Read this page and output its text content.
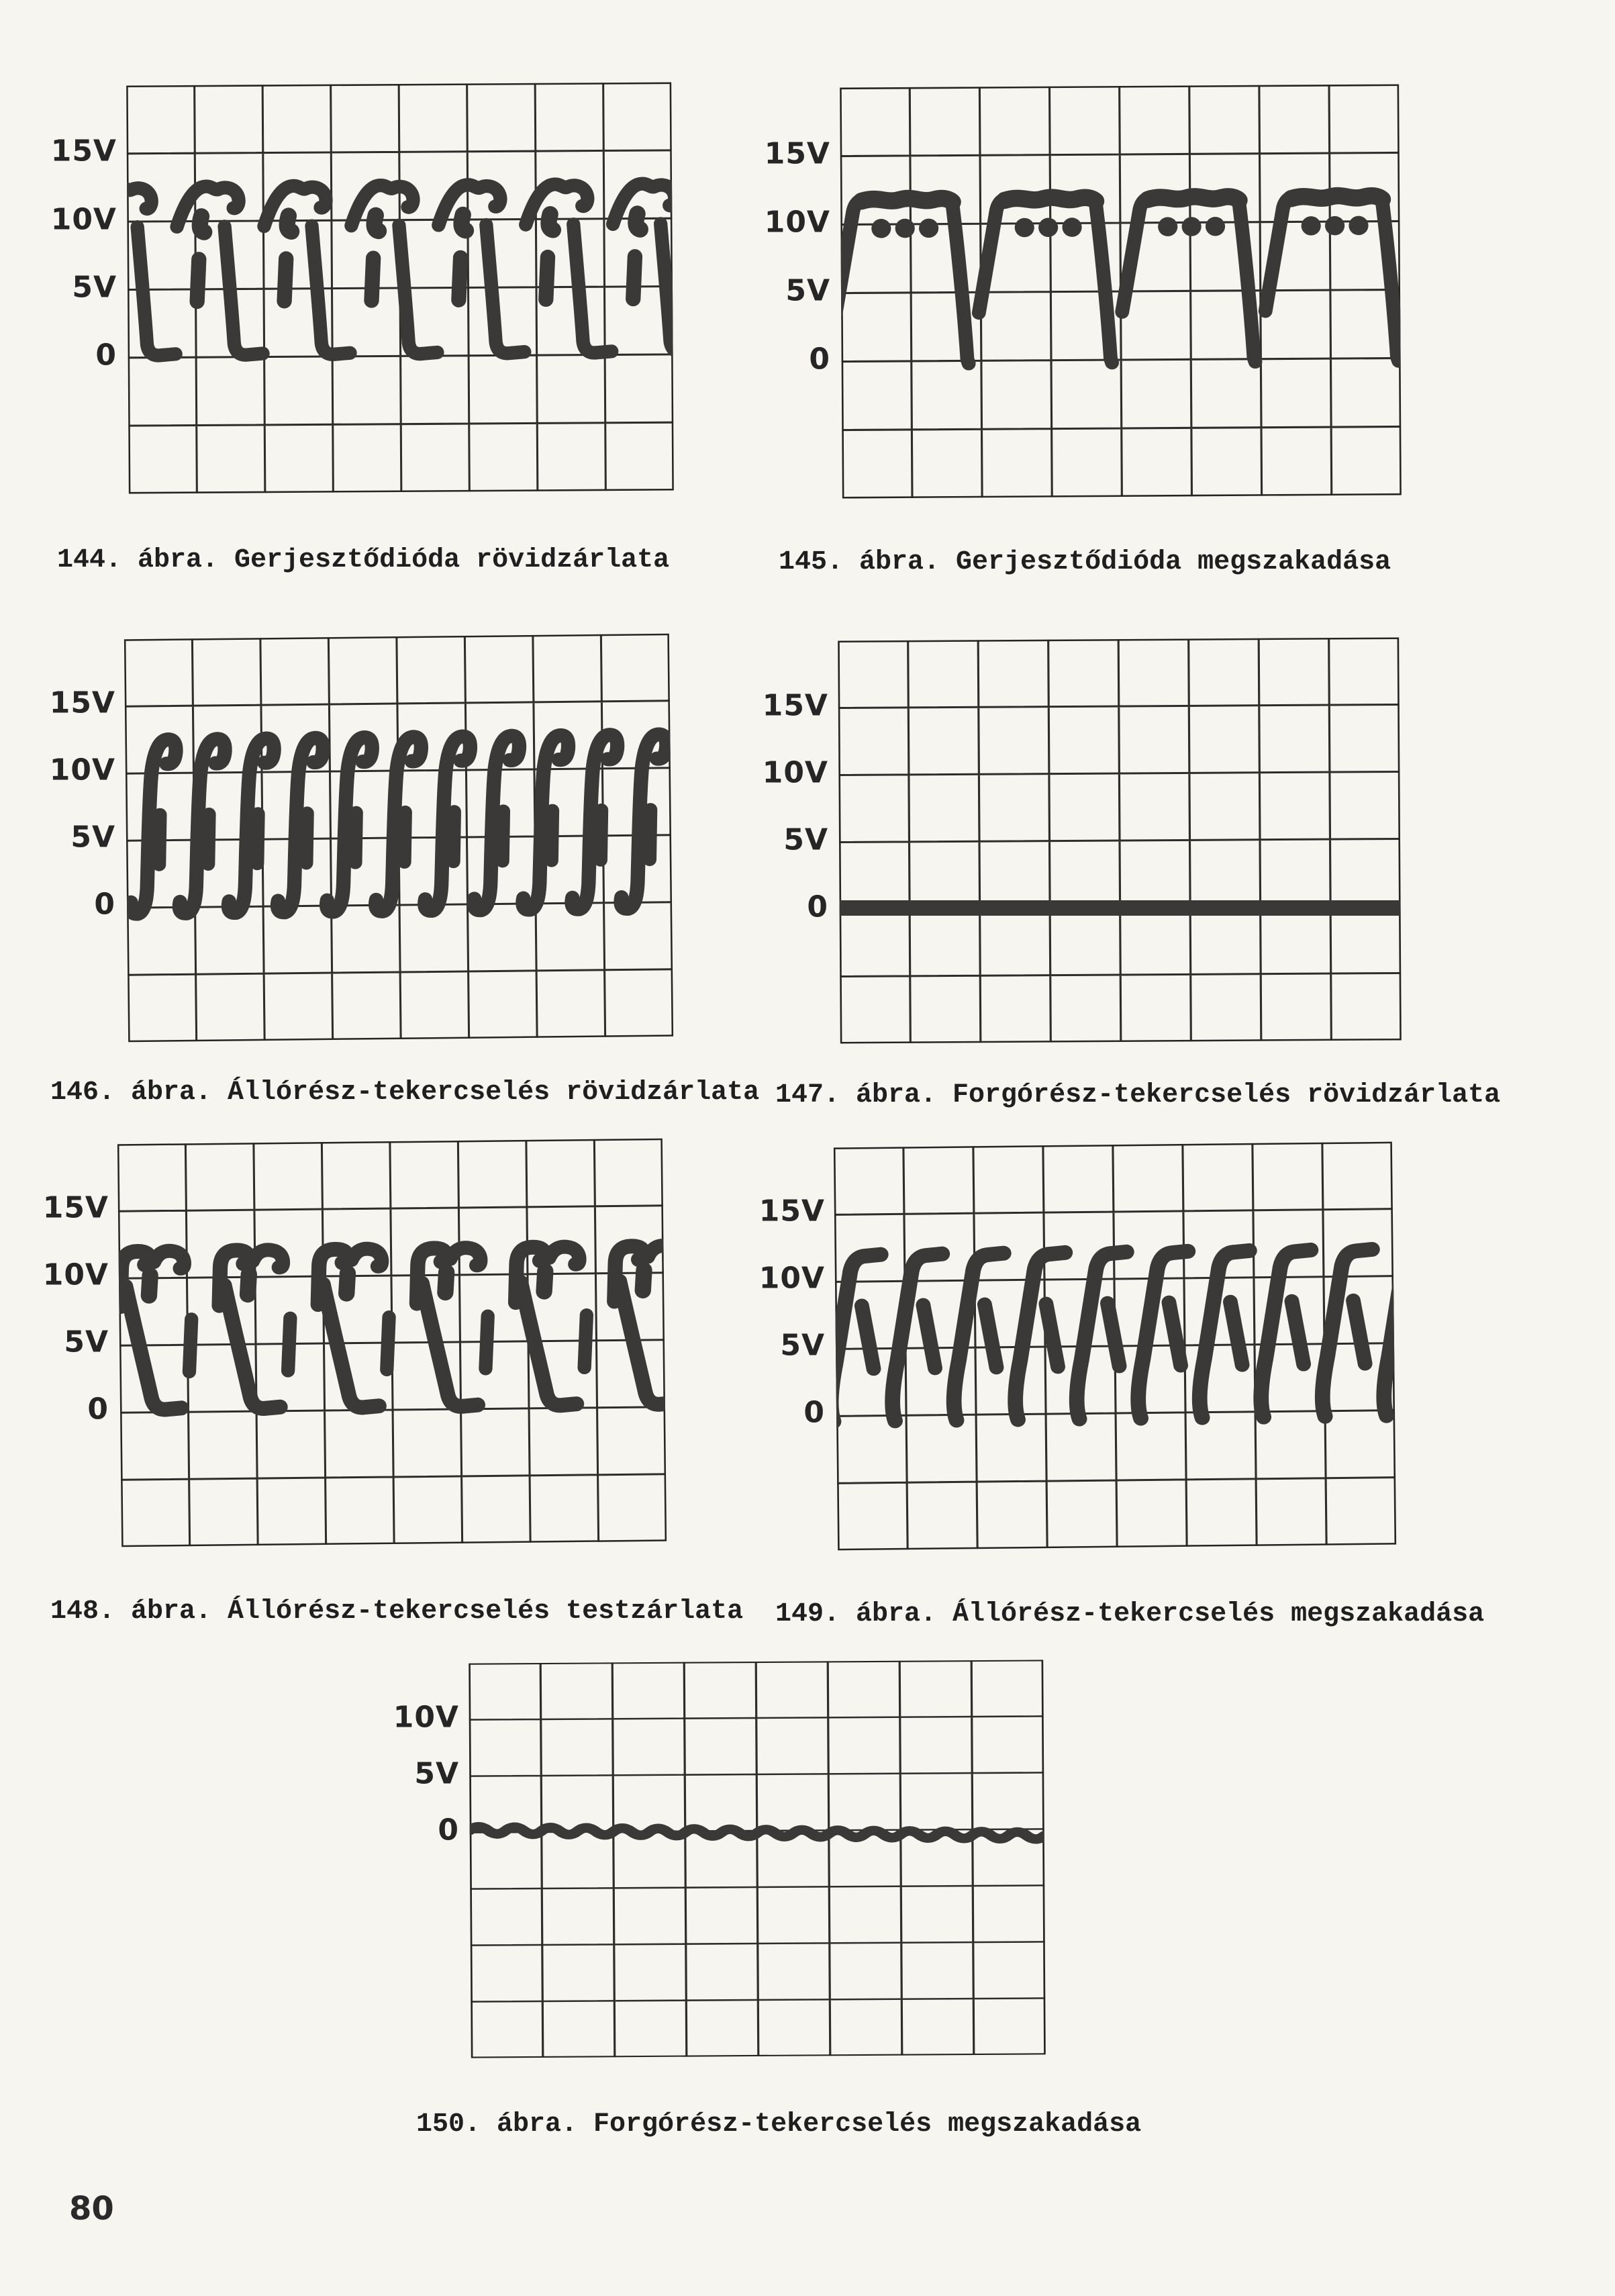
15V
10V
5V
0
144. ábra. Gerjesztődióda rövidzárlata
15V
10V
5V
0
145. ábra. Gerjesztődióda megszakadása
15V
10V
5V
0
146. ábra. Állórész-tekercselés rövidzárlata
15V
10V
5V
0
147. ábra. Forgórész-tekercselés rövidzárlata
15V
10V
5V
0
148. ábra. Állórész-tekercselés testzárlata
15V
10V
5V
0
149. ábra. Állórész-tekercselés megszakadása
10V
5V
0
150. ábra. Forgórész-tekercselés megszakadása
80
